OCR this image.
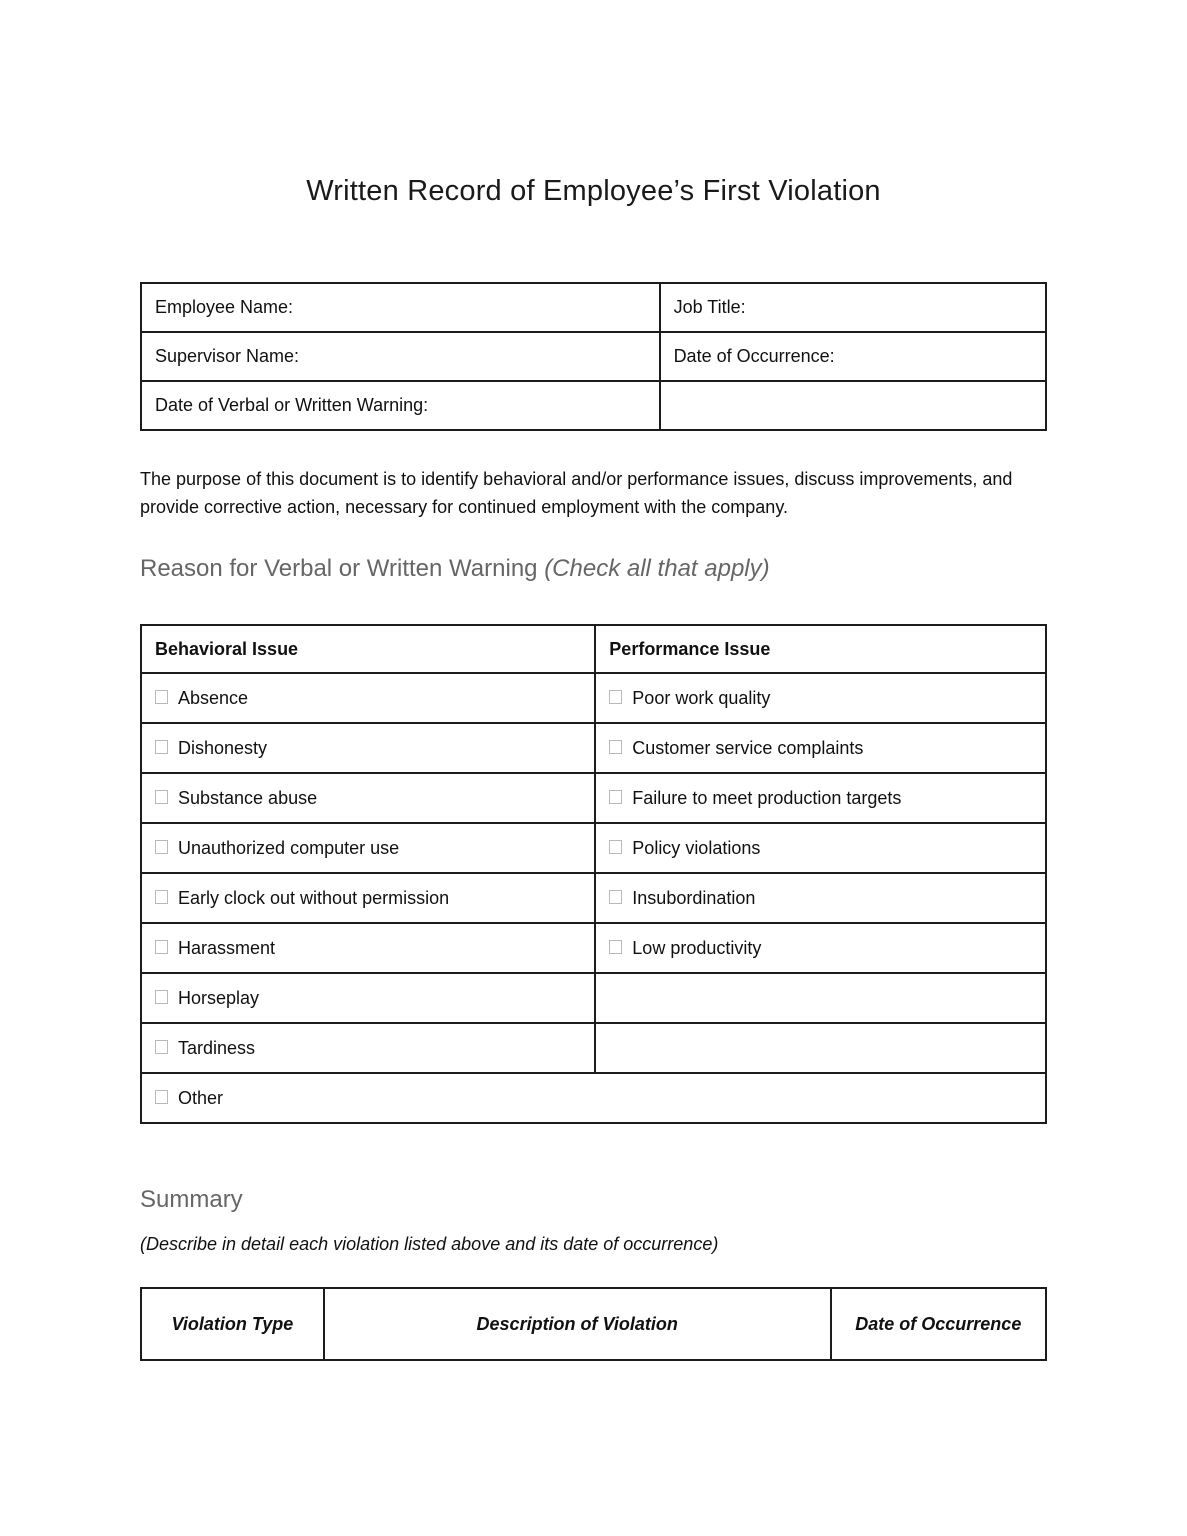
Written Record of Employee’s First Violation
Employee Name:	Job Title:
Supervisor Name:	Date of Occurrence:
Date of Verbal or Written Warning:	

The purpose of this document is to identify behavioral and/or performance issues, discuss improvements, and provide corrective action, necessary for continued employment with the company.

Reason for Verbal or Written Warning (Check all that apply)
Behavioral Issue	Performance Issue
Absence	Poor work quality
Dishonesty	Customer service complaints
Substance abuse	Failure to meet production targets
Unauthorized computer use	Policy violations
Early clock out without permission	Insubordination
Harassment	Low productivity
Horseplay	
Tardiness	
Other	
Summary

(Describe in detail each violation listed above and its date of occurrence)

Violation Type	Description of Violation	Date of Occurrence
